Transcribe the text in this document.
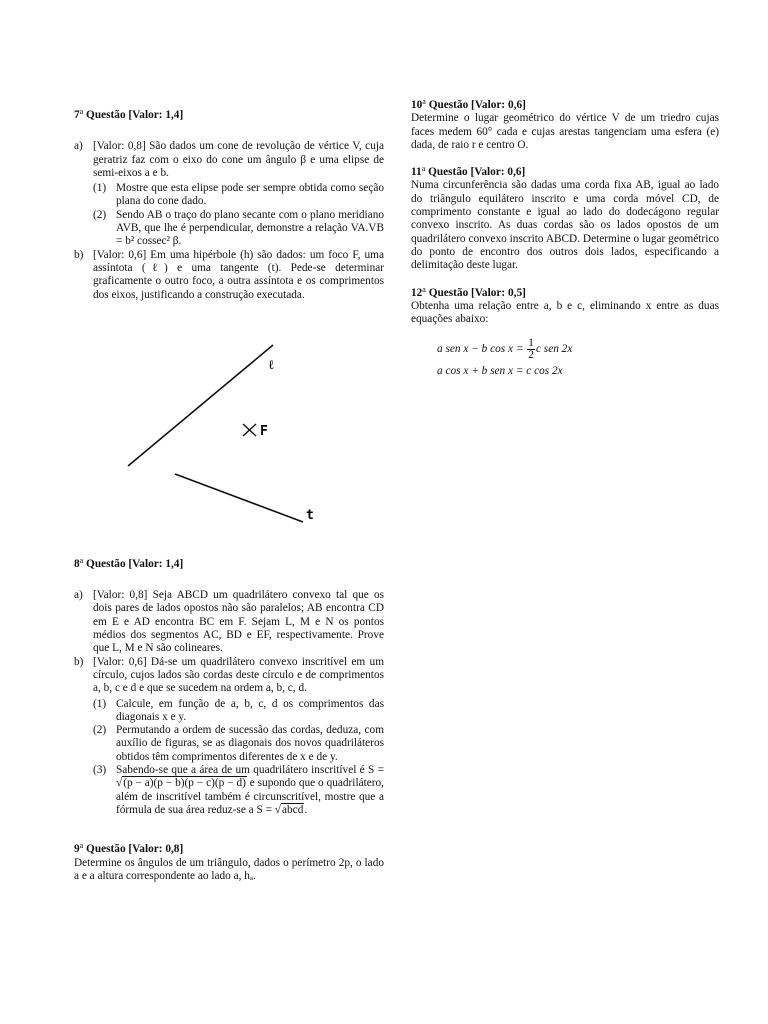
7$^a$ Questão [Valor: 1,4]
a) [Valor: 0,8] São dados um cone de revolução de vértice V, cuja geratriz faz com o eixo do cone um ângulo β e uma elipse de semi-eixos a e b.
(1) Mostre que esta elipse pode ser sempre obtida como seção plana do cone dado.
(2) Sendo AB o traço do plano secante com o plano meridiano AVB, que lhe é perpendicular, demonstre a relação VA.VB = b² cossec² β.
b) [Valor: 0,6] Em uma hipérbole (h) são dados: um foco F, uma assíntota (ℓ) e uma tangente (t). Pede-se determinar graficamente o outro foco, a outra assíntota e os comprimentos dos eixos, justificando a construção executada.
8$^a$ Questão [Valor: 1,4]
a) [Valor: 0,8] Seja ABCD um quadrilátero convexo tal que os dois pares de lados opostos não são paralelos; AB encontra CD em E e AD encontra BC em F. Sejam L, M e N os pontos médios dos segmentos AC, BD e EF, respectivamente. Prove que L, M e N são colineares.
b) [Valor: 0,6] Dá-se um quadrilátero convexo inscritível em um círculo, cujos lados são cordas deste círculo e de comprimentos a, b, c e d e que se sucedem na ordem a, b, c, d.
(1) Calcule, em função de a, b, c, d os comprimentos das diagonais x e y.
(2) Permutando a ordem de sucessão das cordas, deduza, com auxílio de figuras, se as diagonais dos novos quadriláteros obtidos têm comprimentos diferentes de x e de y.
(3) Sabendo-se que a área de um quadrilátero inscritível é S = √(p − a)(p − b)(p − c)(p − d) e supondo que o quadrilátero, além de inscritível também é circunscritível, mostre que a fórmula de sua área reduz-se a S = √abcd.
9$^a$ Questão [Valor: 0,8]

Determine os ângulos de um triângulo, dados o perímetro 2p, o lado a e a altura correspondente ao lado a, hₐ.

ℓ
F
t
10$^a$ Questão [Valor: 0,6]

Determine o lugar geométrico do vértice V de um triedro cujas faces medem 60° cada e cujas arestas tangenciam uma esfera (e) dada, de raio r e centro O.

11$^a$ Questão [Valor: 0,6]

Numa circunferência são dadas uma corda fixa AB, igual ao lado do triângulo equilátero inscrito e uma corda móvel CD, de comprimento constante e igual ao lado do dodecágono regular convexo inscrito. As duas cordas são os lados opostos de um quadrilátero convexo inscrito ABCD. Determine o lugar geométrico do ponto de encontro dos outros dois lados, especificando a delimitação deste lugar.

12$^a$ Questão [Valor: 0,5]

Obtenha uma relação entre a, b e c, eliminando x entre as duas equações abaixo:

a sen x − b $\cos x = \frac{1}{2}$ c sen 2x
a cos x + b sen x = c cos 2x
